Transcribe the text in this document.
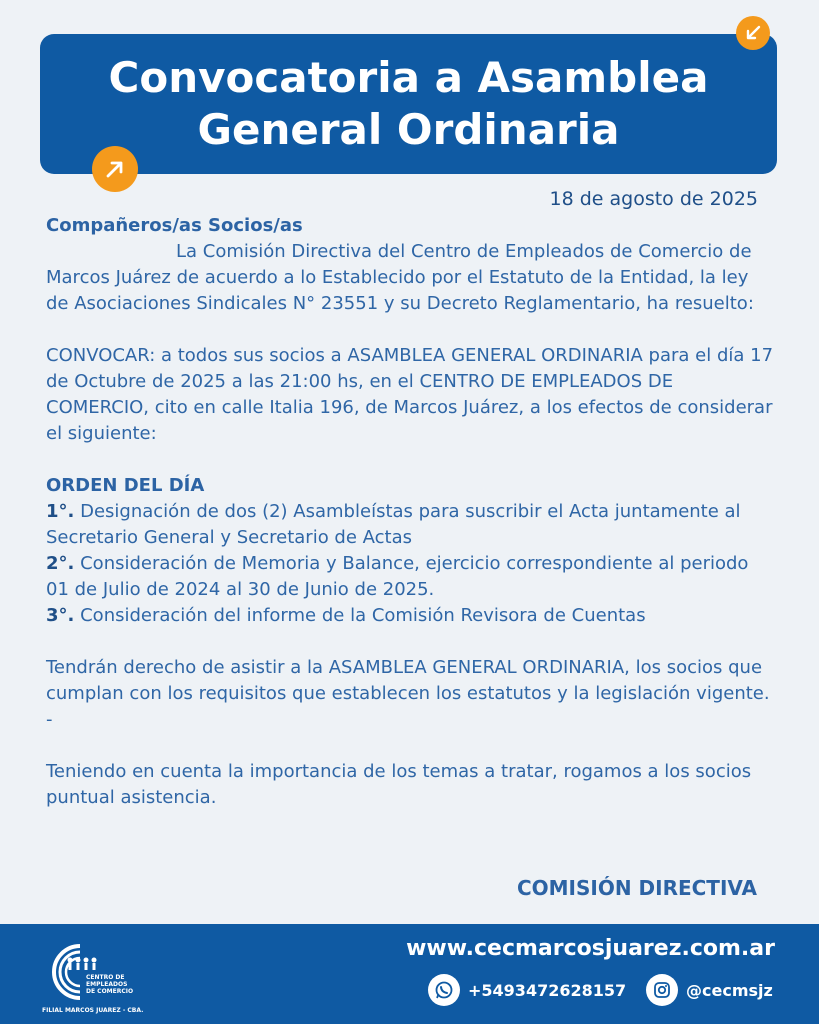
Convocatoria a Asamblea
General Ordinaria
18 de agosto de 2025

Compañeros/as Socios/as

La Comisión Directiva del Centro de Empleados de Comercio de Marcos Juárez de acuerdo a lo Establecido por el Estatuto de la Entidad, la ley de Asociaciones Sindicales N° 23551 y su Decreto Reglamentario, ha resuelto:

CONVOCAR: a todos sus socios a ASAMBLEA GENERAL ORDINARIA para el día 17 de Octubre de 2025 a las 21:00 hs, en el CENTRO DE EMPLEADOS DE COMERCIO, cito en calle Italia 196, de Marcos Juárez, a los efectos de considerar el siguiente:

ORDEN DEL DÍA

1°. Designación de dos (2) Asambleístas para suscribir el Acta juntamente al Secretario General y Secretario de Actas

2°. Consideración de Memoria y Balance, ejercicio correspondiente al periodo 01 de Julio de 2024 al 30 de Junio de 2025.

3°. Consideración del informe de la Comisión Revisora de Cuentas

Tendrán derecho de asistir a la ASAMBLEA GENERAL ORDINARIA, los socios que cumplan con los requisitos que establecen los estatutos y la legislación vigente. -

Teniendo en cuenta la importancia de los temas a tratar, rogamos a los socios puntual asistencia.

COMISIÓN DIRECTIVA
CENTRO DE EMPLEADOS DE COMERCIO
FILIAL MARCOS JUAREZ - CBA.
www.cecmarcosjuarez.com.ar
+5493472628157	@cecmsjz
